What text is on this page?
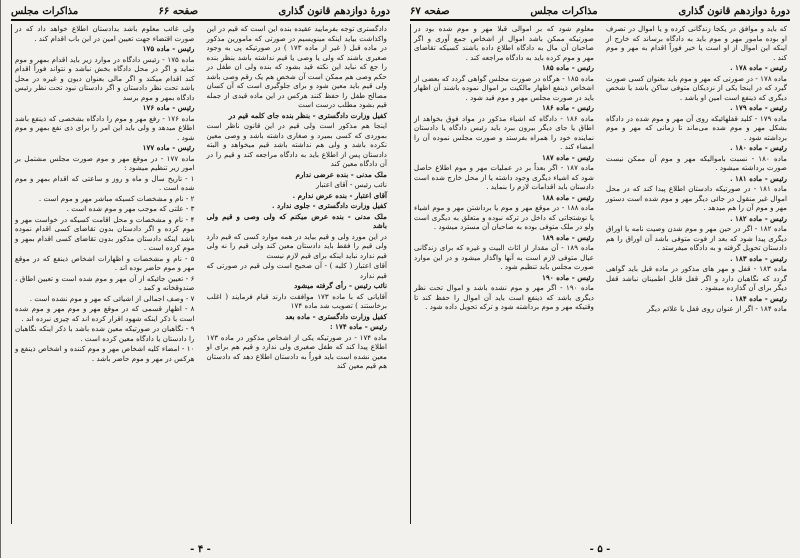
دورهٔ دوازدهم قانون گذاری
صفحه ۶۶
مذاکرات مجلس

دادگستری توجه بفرمایید عقیده بنده این است که قیم در این واکذاشت بیاید اینکه مینویسیم در صورتی که مامورین مذکور در ماده قبل ( غیر از ماده ۱۷۳ ) در صورتیکه پی به وجود صغیری باشند که ولی یا وصی یا قیم نداشته باشد بنظر بنده را جع که نباید این نکته قید بشود که بنده ولی ان طفل در حکم وصی هم ممکن است آن شخص هم یک رقم وصی باشد ولی قیم باید معین شود و برای جلوگیری است که آن کسان مصالح طفل را حفظ کنند هرکس در این ماده قیدی از جمله قیم بشود مطلب درست است

کفیل وزارت دادگستری - بنظر بنده جای کلمه قیم در

اینجا هم مذکور است ولی قیم در این قانون ناظر است بموردی که کسی بمیرد و صغاری داشته باشد و وصی معین نکرده باشد و ولی هم نداشته باشد قیم میخواهد و البته دادستان پس از اطلاع باید به دادگاه مراجعه کند و قیم را در آن دادگاه معین کند

ملک مدنی - بنده عرضی ندارم

نائب رئیس - آقای اعتبار

آقای اعتبار - بنده عرض ندارم .

کفیل وزارت دادگستری - جلوی ندارد .

ملک مدنی - بنده عرض میکنم که ولی وصی و قیم ولی باشد

در این مورد ولی و قیم بیاید در همه موارد کسی که قیم دارد ولی قیم را فقط باید دادستان معین کند ولی قیم را نه ولی قیم ندارد نباید اینکه برای قیم لازم نیست

آقای اعتبار ( کلیه ) - آن صحیح است ولی قیم در صورتی که قیم ندارد

نائب رئیس - رأی گرفته میشود

آقایانی که با ماده ۱۷۳ موافقت دارند قیام فرمایند ( اغلب برخاستند ) تصویب شد ماده ۱۷۴

کفیل وزارت دادگستری - ماده بعد

رئیس - ماده ۱۷۴ :

ماده ۱۷۴ - در صورتیکه یکی از اشخاص مذکور در ماده ۱۷۳ اطلاع پیدا کند که طفل صغیری ولی ندارد و قیم هم برای او معین نشده است باید فوراً به دادستان اطلاع دهد که دادستان هم قیم معین کند

ولی غائب معلوم باشد بدادستان اطلاع خواهد داد که در صورت اقتضاء جهت تعیین امین در این باب اقدام کند .

رئیس - ماده ۱۷۵

ماده ۱۷۵ - رئیس دادگاه در موارد زیر باید اقدام بمهر و موم نماید و اگر در محل دادگاه بخش نباشد و نتواند فوراً اقدام کند اقدام میکند و اگر مالی بعنوان دیون و غیره در محل باشد تحت نظر دادستان و اگر دادستان نبود تحت نظر رئیس دادگاه بمهر و موم برسد

رئیس - ماده ۱۷۶

ماده ۱۷۶ - رفع مهر و موم را دادگاه بشخصی که ذینفع باشد اطلاع میدهد و ولی باید این امر را برای ذی نفع بمهر و موم شود .

رئیس - ماده ۱۷۷

ماده ۱۷۷ - در موقع مهر و موم صورت مجلس مشتمل بر امور زیر تنظیم میشود :

۱ - تاریخ سال و ماه و روز و ساعتی که اقدام بمهر و موم شده است .

۲ - نام و مشخصات کسیکه مباشر مهر و موم است .

۳ - علتی که موجب مهر و موم شده است .

۴ - نام و مشخصات و محل اقامت کسیکه در خواست مهر و موم کرده و اگر دادستان بدون تقاضای کسی اقدام نموده باشد اینکه دادستان مذکور بدون تقاضای کسی اقدام بمهر و موم کرده است .

۵ - نام و مشخصات و اظهارات اشخاص ذینفع که در موقع مهر و موم حاضر بوده اند .

۶ - تعیین جائیکه از آن مهر و موم شده است و تعیین اطاق ، صندوقخانه و کمد .

۷ - وصف اجمالی از اشیائی که مهر و موم نشده است .

۸ - اظهار قسمی که در موقع مهر و موم مهر و موم شده است با ذکر اینکه شهود اقرار کرده اند که چیزی نبرده اند .

۹ - نگاهبان در صورتیکه معین شده باشد با ذکر اینکه نگاهبان را دادستان یا دادگاه معین کرده است .

۱۰ - امضاء کلیه اشخاص مهر و موم کننده و اشخاص ذینفع و هرکس در مهر و موم حاضر باشد .

- ۴ -
دورهٔ دوازدهم قانون گذاری
مذاکرات مجلس
صفحه ۶۷

که باید و موافق در یکجا زندگانی کرده و یا اموال در تصرف او بوده مامور مهر و موم باید به دادگاه برساند که خارج از اینکه این اموال از او است یا خیر فوراً اقدام به مهر و موم کند .

رئیس - ماده ۱۷۸ .

ماده ۱۷۸ - در صورتی که مهر و موم باید بعنوان کسی صورت گیرد که در اینجا یکی از نزدیکان متوفی ساکن باشد یا شخص دیگری که ذینفع است امین او باشد .

رئیس - ماده ۱۷۹ .

ماده ۱۷۹ - کلید قفلهائیکه روی آن مهر و موم شده در دادگاه بشکل مهر و موم شده می‌ماند تا زمانی که مهر و موم برداشته شود .

رئیس - ماده ۱۸۰ .

ماده ۱۸۰ - نسبت باموالیکه مهر و موم آن ممکن نیست صورت برداشته میشود .

رئیس - ماده ۱۸۱ .

ماده ۱۸۱ - در صورتیکه دادستان اطلاع پیدا کند که در محل اموال غیر منقول در جائی دیگر مهر و موم شده است دستور مهر و موم آن را هم میدهد .

رئیس - ماده ۱۸۲ .

ماده ۱۸۲ - اگر در حین مهر و موم شدن وصیت نامه یا اوراق دیگری پیدا شود که بعد از فوت متوفی باشد آن اوراق را هم دادستان تحویل گرفته و به دادگاه میفرستد .

رئیس - ماده ۱۸۳ .

ماده ۱۸۳ - قفل و مهر های مذکور در ماده قبل باید گواهی گردد که نگاهبان دارد و اگر قفل قابل اطمینان نباشد قفل دیگر برای آن گذارده میشود .

رئیس - ماده ۱۸۴ .

ماده ۱۸۴ - اگر از عنوان روی قفل یا علائم دیگر

معلوم شود که بر اموالی قبلا مهر و موم شده بود در صورتیکه ممکن باشد اموال از اشخاص جمع آوری و اگر صاحبان آن مال به دادگاه اطلاع داده باشند کسیکه تقاضای مهر و موم کرده باید به دادگاه مراجعه کند .

رئیس - ماده ۱۸۵

ماده ۱۸۵ - هرگاه در صورت مجلس گواهی گردد که بعضی از اشخاص ذینفع اظهار مالکیت بر اموال نموده باشند آن اظهار باید در صورت مجلس مهر و موم قید شود .

رئیس - ماده ۱۸۶

ماده ۱۸۶ - دادگاه که اشیاء مذکور در مواد فوق بخواهد از اطاق یا جای دیگر بیرون ببرد باید رئیس دادگاه یا دادستان نماینده خود را همراه بفرستد و صورت مجلس نموده آن را امضاء کند .

رئیس - ماده ۱۸۷

ماده ۱۸۷ - اگر بعداً بر در عملیات مهر و موم اطلاع حاصل شود که اشیاء دیگری وجود داشته یا از محل خارج شده است دادستان باید اقدامات لازم را بنماید .

رئیس - ماده ۱۸۸

ماده ۱۸۸ - در موقع مهر و موم یا برداشتن مهر و موم اشیاء یا نوشتجاتی که داخل در ترکه نبوده و متعلق به دیگری است ولو در ملک متوفی بوده به صاحبان آن مسترد میشود .

رئیس - ماده ۱۸۹

ماده ۱۸۹ - آن مقدار از اثاث البیت و غیره که برای زندگانی عیال متوفی لازم است به آنها واگذار میشود و در این موارد صورت مجلس باید تنظیم شود .

رئیس - ماده ۱۹۰

ماده ۱۹۰ - اگر مهر و موم نشده باشد و اموال تحت نظر دیگری باشد که ذینفع است باید آن اموال را حفظ کند تا وقتیکه مهر و موم برداشته شود و ترکه تحویل داده شود .

- ۵ -
